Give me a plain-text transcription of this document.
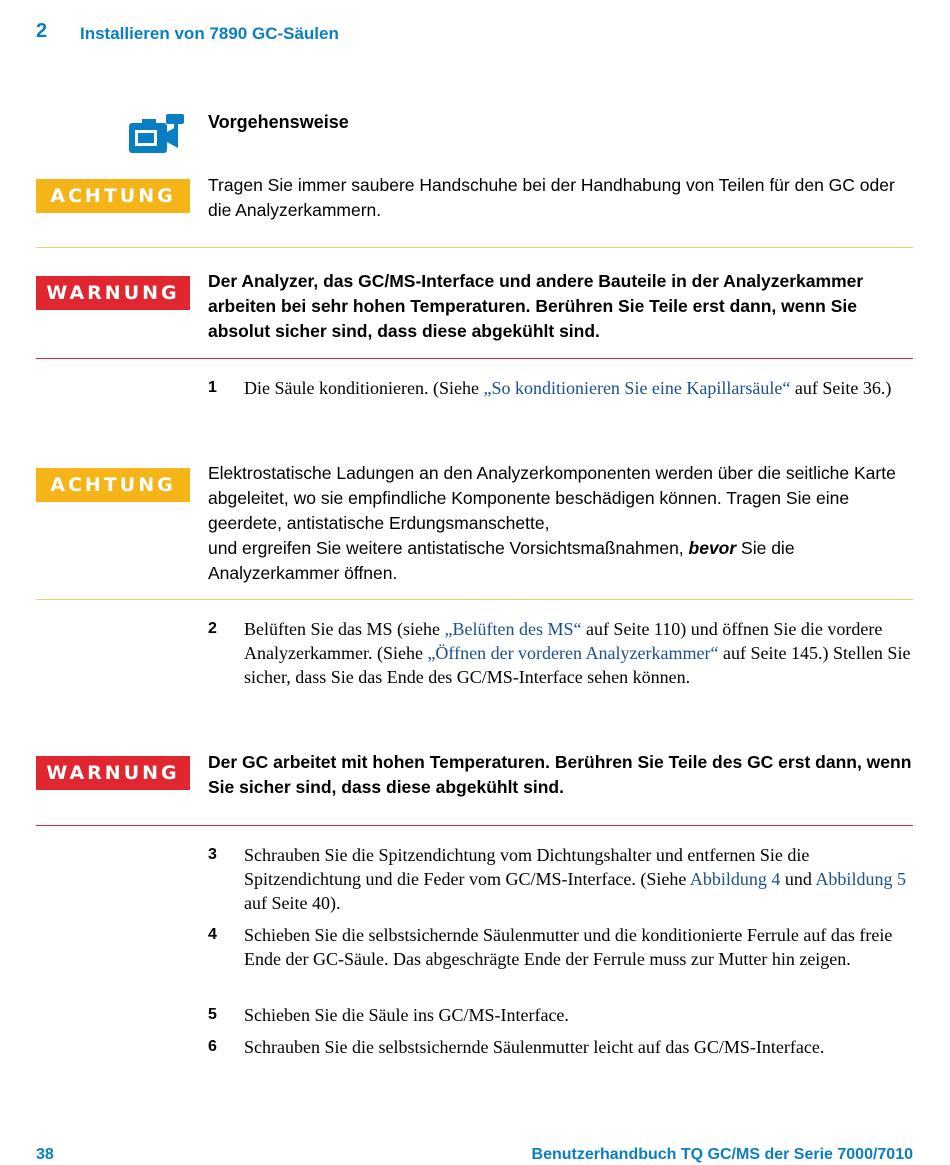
2 Installieren von 7890 GC-Säulen
Vorgehensweise
ACHTUNG	Tragen Sie immer saubere Handschuhe bei der Handhabung von Teilen für den GC oder die Analyzerkammern.
WARNUNG
Der Analyzer, das GC/MS-Interface und andere Bauteile in der Analyzerkammer arbeiten bei sehr hohen Temperaturen. Berühren Sie Teile erst dann, wenn Sie absolut sicher sind, dass diese abgekühlt sind.
1 Die Säule konditionieren. (Siehe „So konditionieren Sie eine Kapillarsäule“ auf Seite 36.)
ACHTUNG
Elektrostatische Ladungen an den Analyzerkomponenten werden über die seitliche Karte abgeleitet, wo sie empfindliche Komponente beschädigen können. Tragen Sie eine geerdete, antistatische Erdungsmanschette,
und ergreifen Sie weitere antistatische Vorsichtsmaßnahmen, bevor Sie die Analyzerkammer öffnen.
2 Belüften Sie das MS (siehe „Belüften des MS“ auf Seite 110) und öffnen Sie die vordere Analyzerkammer. (Siehe „Öffnen der vorderen Analyzerkammer“ auf Seite 145.) Stellen Sie sicher, dass Sie das Ende des GC/MS-Interface sehen können.
WARNUNG	Der GC arbeitet mit hohen Temperaturen. Berühren Sie Teile des GC erst dann, wenn Sie sicher sind, dass diese abgekühlt sind.
3 Schrauben Sie die Spitzendichtung vom Dichtungshalter und entfernen Sie die Spitzendichtung und die Feder vom GC/MS-Interface. (Siehe Abbildung 4 und Abbildung 5 auf Seite 40).
4 Schieben Sie die selbstsichernde Säulenmutter und die konditionierte Ferrule auf das freie Ende der GC-Säule. Das abgeschrägte Ende der Ferrule muss zur Mutter hin zeigen.
5 Schieben Sie die Säule ins GC/MS-Interface.
6 Schrauben Sie die selbstsichernde Säulenmutter leicht auf das GC/MS-Interface.
38	Benutzerhandbuch TQ GC/MS der Serie 7000/7010
